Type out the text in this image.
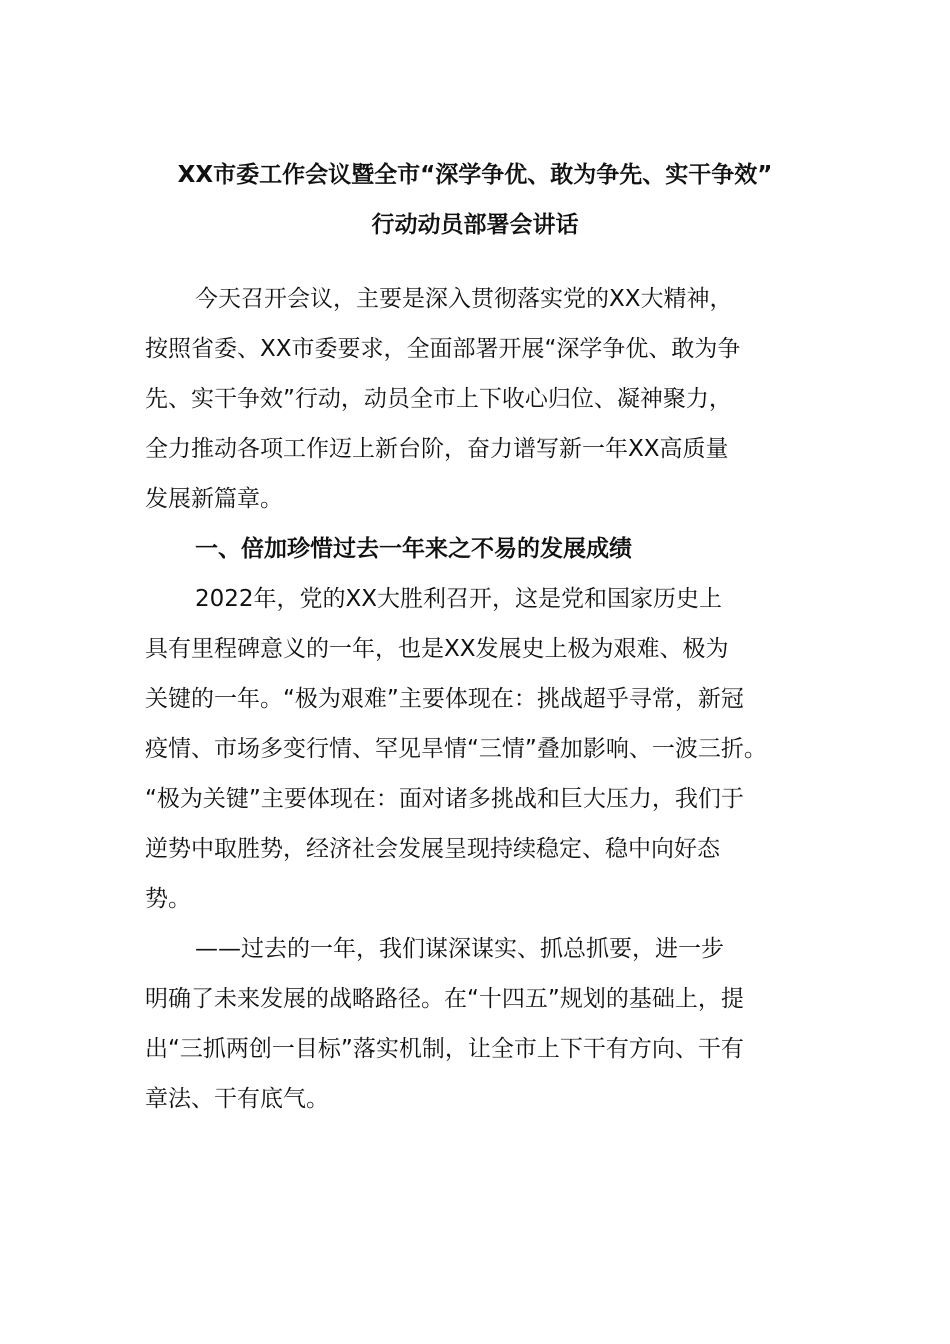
XX市委工作会议暨全市“深学争优、敢为争先、实干争效”
行动动员部署会讲话
今天召开会议，主要是深入贯彻落实党的XX大精神，
按照省委、XX市委要求，全面部署开展“深学争优、敢为争
先、实干争效”行动，动员全市上下收心归位、凝神聚力，
全力推动各项工作迈上新台阶，奋力谱写新一年XX高质量
发展新篇章。
一、倍加珍惜过去一年来之不易的发展成绩
2022年，党的XX大胜利召开，这是党和国家历史上
具有里程碑意义的一年，也是XX发展史上极为艰难、极为
关键的一年。“极为艰难”主要体现在：挑战超乎寻常，新冠
疫情、市场多变行情、罕见旱情“三情”叠加影响、一波三折。
“极为关键”主要体现在：面对诸多挑战和巨大压力，我们于
逆势中取胜势，经济社会发展呈现持续稳定、稳中向好态
势。
——过去的一年，我们谋深谋实、抓总抓要，进一步
明确了未来发展的战略路径。在“十四五”规划的基础上，提
出“三抓两创一目标”落实机制，让全市上下干有方向、干有
章法、干有底气。
